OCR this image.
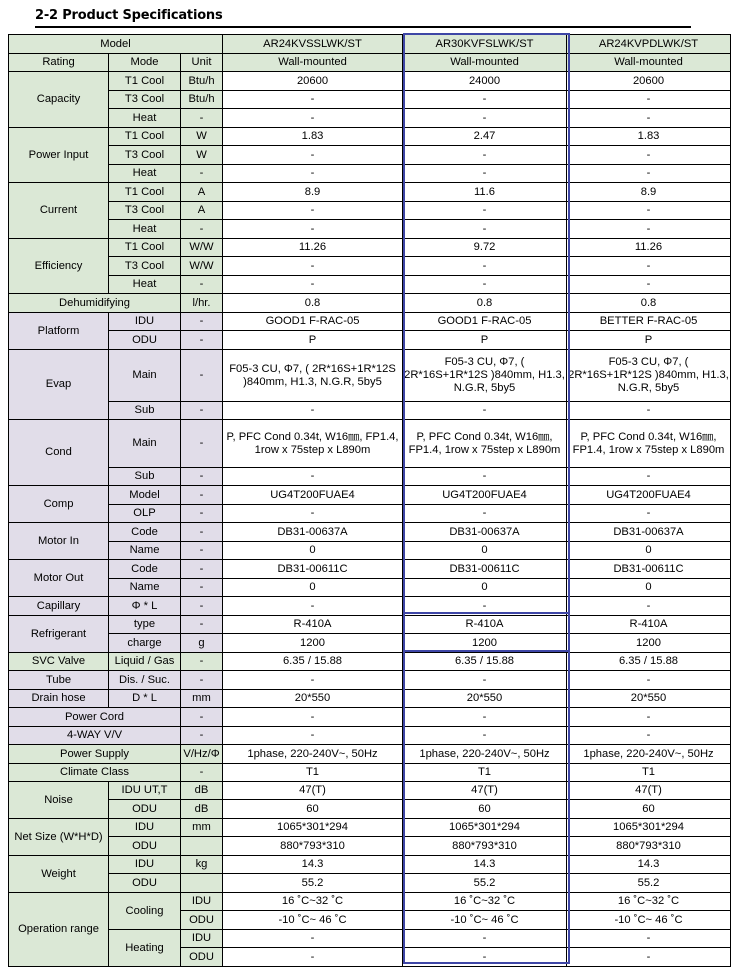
2-2 Product Specifications
Model			AR24KVSSLWK/ST	AR30KVFSLWK/ST	AR24KVPDLWK/ST
Rating	Mode	Unit	Wall-mounted	Wall-mounted	Wall-mounted
Capacity	T1 Cool	Btu/h	20600	24000	20600
	T3 Cool	Btu/h	-	-	-
	Heat	-	-	-	-
Power Input	T1 Cool	W	1.83	2.47	1.83
	T3 Cool	W	-	-	-
	Heat	-	-	-	-
Current	T1 Cool	A	8.9	11.6	8.9
	T3 Cool	A	-	-	-
	Heat	-	-	-	-
Efficiency	T1 Cool	W/W	11.26	9.72	11.26
	T3 Cool	W/W	-	-	-
	Heat	-	-	-	-
Dehumidifying		l/hr.	0.8	0.8	0.8
Platform	IDU	-	GOOD1 F-RAC-05	GOOD1 F-RAC-05	BETTER F-RAC-05
	ODU	-	P	P	P
Evap	Main	-	F05-3 CU, Φ7, ( 2R*16S+1R*12S )840mm, H1.3, N.G.R, 5by5	F05-3 CU, Φ7, ( 2R*16S+1R*12S )840mm, H1.3, N.G.R, 5by5	F05-3 CU, Φ7, ( 2R*16S+1R*12S )840mm, H1.3, N.G.R, 5by5
	Sub	-	-	-	-
Cond	Main	-	P, PFC Cond 0.34t, W16㎜, FP1.4, 1row x 75step x L890m	P, PFC Cond 0.34t, W16㎜, FP1.4, 1row x 75step x L890m	P, PFC Cond 0.34t, W16㎜, FP1.4, 1row x 75step x L890m
	Sub	-	-	-	-
Comp	Model	-	UG4T200FUAE4	UG4T200FUAE4	UG4T200FUAE4
	OLP	-	-	-	-
Motor In	Code	-	DB31-00637A	DB31-00637A	DB31-00637A
	Name	-	0	0	0
Motor Out	Code	-	DB31-00611C	DB31-00611C	DB31-00611C
	Name	-	0	0	0
Capillary	Φ * L	-	-	-	-
Refrigerant	type	-	R-410A	R-410A	R-410A
	charge	g	1200	1200	1200
SVC Valve	Liquid / Gas	-	6.35 / 15.88	6.35 / 15.88	6.35 / 15.88
Tube	Dis. / Suc.	-	-	-	-
Drain hose	D * L	mm	20*550	20*550	20*550
Power Cord		-	-	-	-
4-WAY V/V		-	-	-	-
Power Supply		V/Hz/Φ	1phase, 220-240V~, 50Hz	1phase, 220-240V~, 50Hz	1phase, 220-240V~, 50Hz
Climate Class		-	T1	T1	T1
Noise	IDU UT,T	dB	47(T)	47(T)	47(T)
	ODU	dB	60	60	60
Net Size (W*H*D)	IDU	mm	1065*301*294	1065*301*294	1065*301*294
	ODU		880*793*310	880*793*310	880*793*310
Weight	IDU	kg	14.3	14.3	14.3
	ODU		55.2	55.2	55.2
Operation range	Cooling	IDU	16 ˚C~32 ˚C	16 ˚C~32 ˚C	16 ˚C~32 ˚C
		ODU	-10 ˚C~ 46 ˚C	-10 ˚C~ 46 ˚C	-10 ˚C~ 46 ˚C
	Heating	IDU	-	-	-
		ODU	-	-	-
